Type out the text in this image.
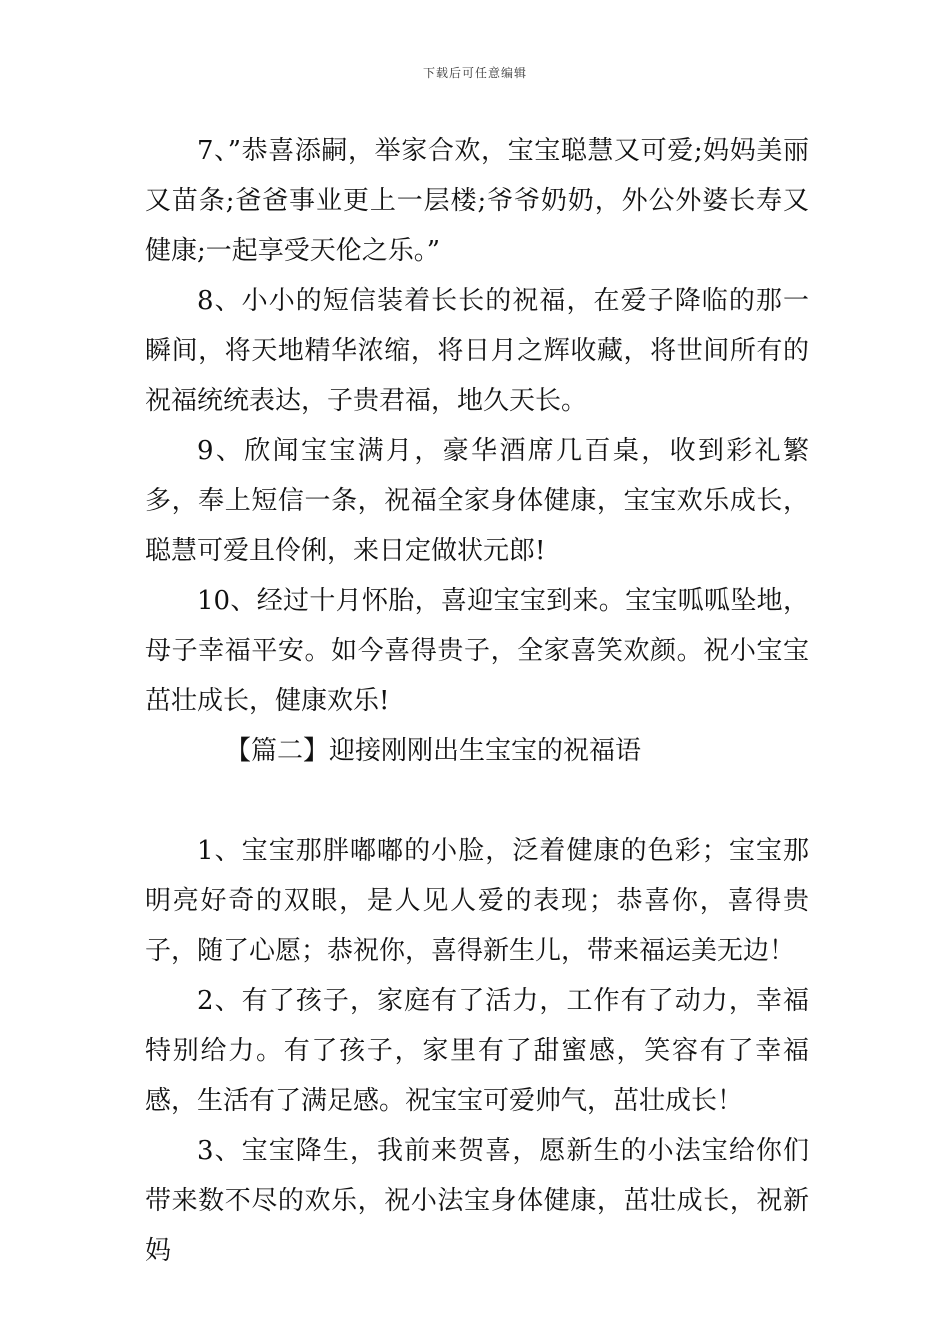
下载后可任意编辑

7、”恭喜添嗣，举家合欢，宝宝聪慧又可爱;妈妈美丽又苗条;爸爸事业更上一层楼;爷爷奶奶，外公外婆长寿又健康;一起享受天伦之乐。”

8、小小的短信装着长长的祝福，在爱子降临的那一瞬间，将天地精华浓缩，将日月之辉收藏，将世间所有的祝福统统表达，子贵君福，地久天长。

9、欣闻宝宝满月，豪华酒席几百桌，收到彩礼繁多，奉上短信一条，祝福全家身体健康，宝宝欢乐成长，聪慧可爱且伶俐，来日定做状元郎!

10、经过十月怀胎，喜迎宝宝到来。宝宝呱呱坠地，母子幸福平安。如今喜得贵子，全家喜笑欢颜。祝小宝宝茁壮成长，健康欢乐!

【篇二】迎接刚刚出生宝宝的祝福语

1、宝宝那胖嘟嘟的小脸，泛着健康的色彩；宝宝那明亮好奇的双眼，是人见人爱的表现；恭喜你，喜得贵子，随了心愿；恭祝你，喜得新生儿，带来福运美无边！

2、有了孩子，家庭有了活力，工作有了动力，幸福特别给力。有了孩子，家里有了甜蜜感，笑容有了幸福感，生活有了满足感。祝宝宝可爱帅气，茁壮成长！

3、宝宝降生，我前来贺喜，愿新生的小法宝给你们带来数不尽的欢乐，祝小法宝身体健康，茁壮成长，祝新妈
